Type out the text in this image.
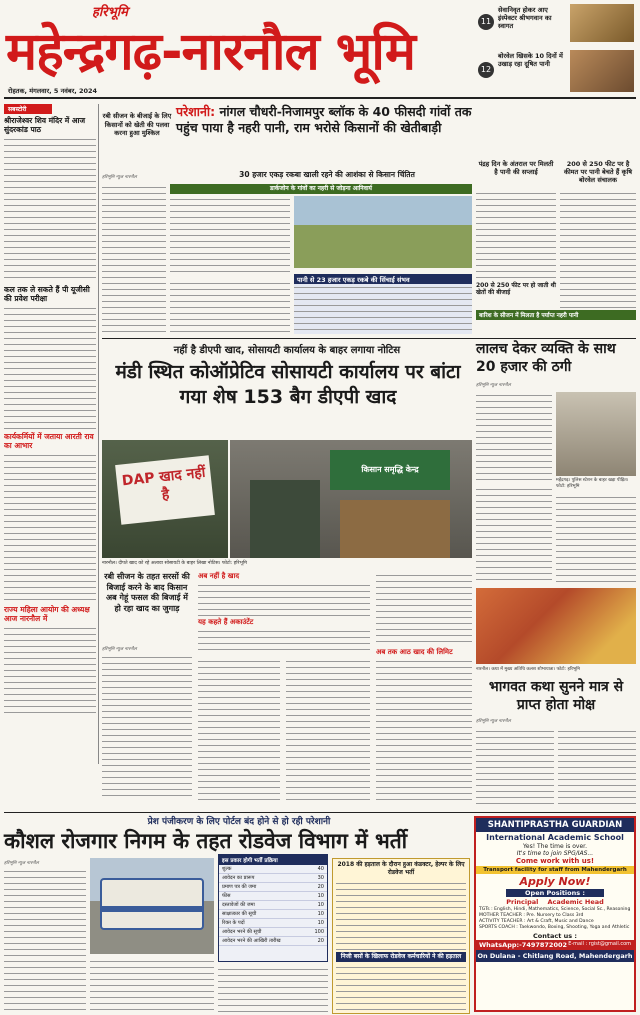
हरिभूमि
महेन्द्रगढ़-नारनौल भूमि
रोहतक, मंगलवार, 5 नवंबर, 2024
11
सेवानिवृत होकर आए इंस्पेक्टर श्रीभगवान का स्वागत
12
बोरवेल खिसके 10 दिनों में उखाड़ रहा दूषित पानी
सबस्टोरी
श्रीराजेश्वर शिव मंदिर में आज सुंदरकांड पाठ
कल तक ले सकते हैं पी यूजीसी की प्रवेश परीक्षा
कार्यकर्मियों में जताया आरती राव का आभार
राज्य महिला आयोग की अध्यक्ष आज नारनौल में
रबी सीजन के बीजाई के लिए किसानों को खेती की पलवा करना हुआ मुश्किल
परेशानी: नांगल चौधरी-निजामपुर ब्लॉक के 40 फीसदी गांवों तक पहुंच पाया है नहरी पानी, राम भरोसे किसानों की खेतीबाड़ी
30 हजार एकड़ रकबा खाली रहने की आशंका से किसान चिंतित
हरिभूमि न्यूज नारनौल
डार्कजोन के गांवों का नहरी से जोड़ना आनिवार्य
पानी से 23 हजार एकड़ रकबे की सिंचाई संभव
पंद्रह दिन के अंतराल पर मिलती है पानी की सप्लाई
200 से 250 फीट पर है कीमत पर पानी बेचते हैं कृषि बोरवेल संचालक
बारिश के सीजन में मिलता है पर्याप्त नहरी पानी
200 से 250 फीट पर हो जाती थी खेतों की बीजाई
नहीं है डीएपी खाद, सोसायटी कार्यालय के बाहर लगाया नोटिस
मंडी स्थित कोऑप्रेटिव सोसायटी कार्यालय पर बांटा गया शेष 153 बैग डीएपी खाद
DAP खाद नहीं है
किसान समृद्धि केन्द्र
नारनौल। दीपते खाद को रहे अलावा सोसायटी के बाहर लिखा नोटिस। फोटो: हरिभूमि
रबी सीजन के तहत सरसों की बिजाई करने के बाद किसान अब गेहूं फसल की बिजाई में हो रहा खाद का जुगाड़
हरिभूमि न्यूज नारनौल
अब नहीं है खाद
यह कहते हैं अकाउंटेंट
अब तक आठ खाद की लिमिट
लालच देकर व्यक्ति के साथ 20 हजार की ठगी
हरिभूमि न्यूज नारनौल
महेंद्रगढ़। पुलिस स्टेशन के बाहर खड़ा पीड़ित। फोटो: हरिभूमि
नारनौल। कथा में मुख्य अतिथि कलश शोभायात्रा। फोटो: हरिभूमि
भागवत कथा सुनने मात्र से प्राप्त होता मोक्ष
हरिभूमि न्यूज नारनौल
प्रेश पंजीकरण के लिए पोर्टल बंद होने से हो रही परेशानी
कौशल रोजगार निगम के तहत रोडवेज विभाग में भर्ती
हरिभूमि न्यूज नारनौल	इस प्रकार होगी भर्ती प्रक्रिया
शुल्क	40
आवेदन का प्रारूप	30
प्रमाण पत्र की जमा	20
फीस	10
दस्तावेजों की जमा	10
साक्षात्कार की सूची	10
रिक्त के पदों	10
आवेदन भरने की सूची	100
आवेदन भरने की आखिरी तारीख	20
2018 की हड़ताल के दौरान हुआ कंडक्टर, हेल्पर के लिए रोडवेज भर्ती
निजी बसों के खिलाफ रोडवेज कर्मचारियों ने की हड़ताल
SHANTIPRASTHA GUARDIAN
International Academic School
Yes! The time is over.
It's time to join SPG/IAS...
Come work with us!
Transport facility for staff from Mahendergarh
Apply Now!
Open Positions :
Principal    Academic Head
TGTs : English, Hindi, Mathematics, Science, Social Sc., Reasoning
MOTHER TEACHER : Pre. Nursery to Class 3rd
ACTIVITY TEACHER : Art & Craft, Music and Dance
SPORTS COACH : Taekwondo, Boxing, Shooting, Yoga and Athletic
Contact us :
WhatsApp:-7497872002 E-mail : rgist@gmail.com
On Dulana - Chitlang Road, Mahendergarh
